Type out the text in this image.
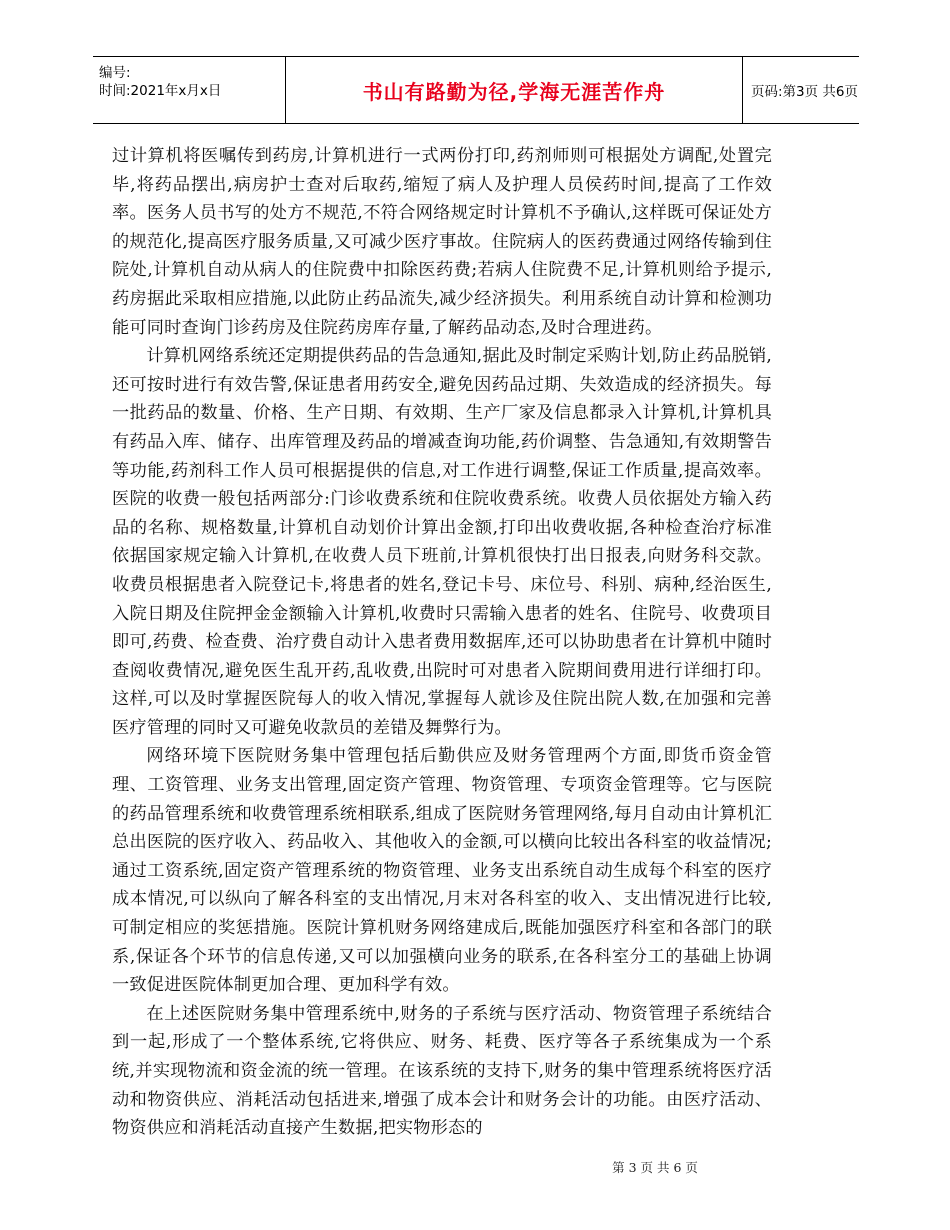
编号:
时间:2021年x月x日	书山有路勤为径,学海无涯苦作舟	页码:第3页 共6页

过计算机将医嘱传到药房,计算机进行一式两份打印,药剂师则可根据处方调配,处置完毕,将药品摆出,病房护士查对后取药,缩短了病人及护理人员侯药时间,提高了工作效率。医务人员书写的处方不规范,不符合网络规定时计算机不予确认,这样既可保证处方的规范化,提高医疗服务质量,又可减少医疗事故。住院病人的医药费通过网络传输到住院处,计算机自动从病人的住院费中扣除医药费;若病人住院费不足,计算机则给予提示,药房据此采取相应措施,以此防止药品流失,减少经济损失。利用系统自动计算和检测功能可同时查询门诊药房及住院药房库存量,了解药品动态,及时合理进药。

计算机网络系统还定期提供药品的告急通知,据此及时制定采购计划,防止药品脱销,还可按时进行有效告警,保证患者用药安全,避免因药品过期、失效造成的经济损失。每一批药品的数量、价格、生产日期、有效期、生产厂家及信息都录入计算机,计算机具有药品入库、储存、出库管理及药品的增减查询功能,药价调整、告急通知,有效期警告等功能,药剂科工作人员可根据提供的信息,对工作进行调整,保证工作质量,提高效率。医院的收费一般包括两部分:门诊收费系统和住院收费系统。收费人员依据处方输入药品的名称、规格数量,计算机自动划价计算出金额,打印出收费收据,各种检查治疗标准依据国家规定输入计算机,在收费人员下班前,计算机很快打出日报表,向财务科交款。收费员根据患者入院登记卡,将患者的姓名,登记卡号、床位号、科别、病种,经治医生,入院日期及住院押金金额输入计算机,收费时只需输入患者的姓名、住院号、收费项目即可,药费、检查费、治疗费自动计入患者费用数据库,还可以协助患者在计算机中随时查阅收费情况,避免医生乱开药,乱收费,出院时可对患者入院期间费用进行详细打印。这样,可以及时掌握医院每人的收入情况,掌握每人就诊及住院出院人数,在加强和完善医疗管理的同时又可避免收款员的差错及舞弊行为。

网络环境下医院财务集中管理包括后勤供应及财务管理两个方面,即货币资金管理、工资管理、业务支出管理,固定资产管理、物资管理、专项资金管理等。它与医院的药品管理系统和收费管理系统相联系,组成了医院财务管理网络,每月自动由计算机汇总出医院的医疗收入、药品收入、其他收入的金额,可以横向比较出各科室的收益情况;通过工资系统,固定资产管理系统的物资管理、业务支出系统自动生成每个科室的医疗成本情况,可以纵向了解各科室的支出情况,月末对各科室的收入、支出情况进行比较,可制定相应的奖惩措施。医院计算机财务网络建成后,既能加强医疗科室和各部门的联系,保证各个环节的信息传递,又可以加强横向业务的联系,在各科室分工的基础上协调一致促进医院体制更加合理、更加科学有效。

在上述医院财务集中管理系统中,财务的子系统与医疗活动、物资管理子系统结合到一起,形成了一个整体系统,它将供应、财务、耗费、医疗等各子系统集成为一个系统,并实现物流和资金流的统一管理。在该系统的支持下,财务的集中管理系统将医疗活动和物资供应、消耗活动包括进来,增强了成本会计和财务会计的功能。由医疗活动、物资供应和消耗活动直接产生数据,把实物形态的

第 3 页 共 6 页
